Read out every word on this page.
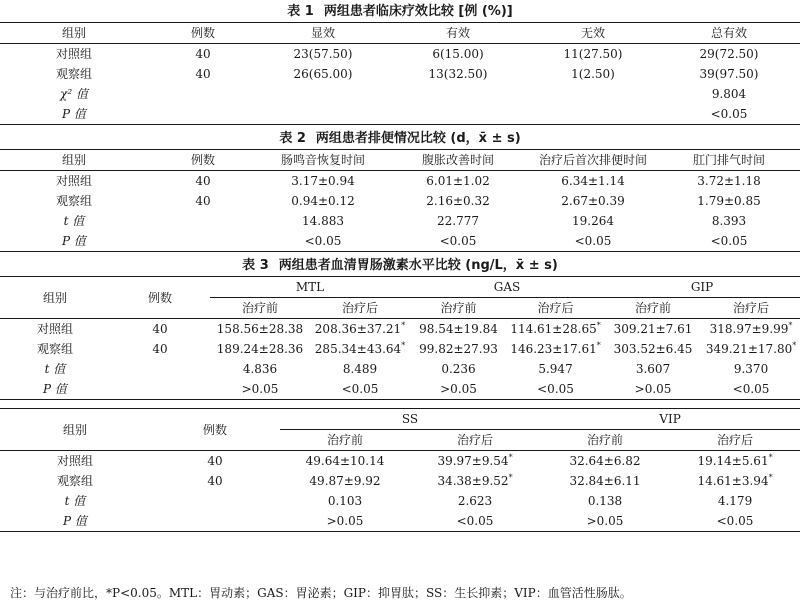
表 1 两组患者临床疗效比较 [例 (%)]
组别	例数	显效	有效	无效	总有效
对照组	40	23(57.50)	6(15.00)	11(27.50)	29(72.50)
观察组	40	26(65.00)	13(32.50)	1(2.50)	39(97.50)
χ² 值					9.804
P 值					<0.05
表 2 两组患者排便情况比较 (d，x̄ ± s)
组别	例数	肠鸣音恢复时间	腹胀改善时间	治疗后首次排便时间	肛门排气时间
对照组	40	3.17±0.94	6.01±1.02	6.34±1.14	3.72±1.18
观察组	40	0.94±0.12	2.16±0.32	2.67±0.39	1.79±0.85
t 值		14.883	22.777	19.264	8.393
P 值		<0.05	<0.05	<0.05	<0.05
表 3 两组患者血清胃肠激素水平比较 (ng/L，x̄ ± s)
组别	例数	MTL		GAS		GIP	
		治疗前	治疗后	治疗前	治疗后	治疗前	治疗后
对照组	40	158.56±28.38	208.36±37.21*	98.54±19.84	114.61±28.65*	309.21±7.61	318.97±9.99*
观察组	40	189.24±28.36	285.34±43.64*	99.82±27.93	146.23±17.61*	303.52±6.45	349.21±17.80*
t 值		4.836	8.489	0.236	5.947	3.607	9.370
P 值		>0.05	<0.05	>0.05	<0.05	>0.05	<0.05
组别	例数	SS		VIP	
		治疗前	治疗后	治疗前	治疗后
对照组	40	49.64±10.14	39.97±9.54*	32.64±6.82	19.14±5.61*
观察组	40	49.87±9.92	34.38±9.52*	32.84±6.11	14.61±3.94*
t 值		0.103	2.623	0.138	4.179
P 值		>0.05	<0.05	>0.05	<0.05
注：与治疗前比，*P<0.05。MTL：胃动素；GAS：胃泌素；GIP：抑胃肽；SS：生长抑素；VIP：血管活性肠肽。
